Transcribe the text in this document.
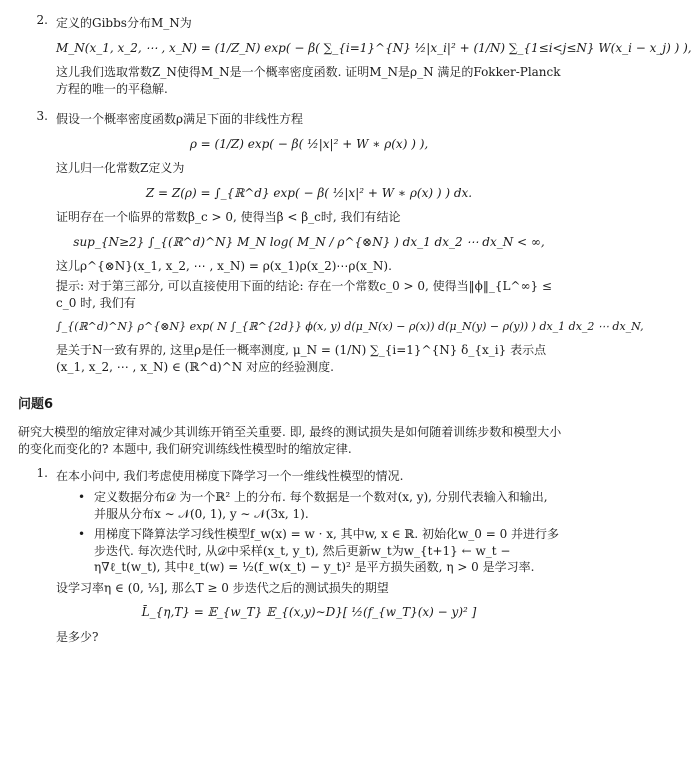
2. 定义的Gibbs分布M_N为
M_N(x_1, x_2, ⋯ , x_N) = (1/Z_N) exp( − β( ∑_{i=1}^{N} ½|x_i|² + (1/N) ∑_{1≤i<j≤N} W(x_i − x_j) ) ),
这儿我们选取常数Z_N使得M_N是一个概率密度函数. 证明M_N是ρ_N 满足的Fokker-Planck方程的唯一的平稳解.
3. 假设一个概率密度函数ρ满足下面的非线性方程
ρ = (1/Z) exp( − β( ½|x|² + W ∗ ρ(x) ) ),
这儿归一化常数Z定义为
Z = Z(ρ) = ∫_{ℝ^d} exp( − β( ½|x|² + W ∗ ρ(x) ) ) dx.
证明存在一个临界的常数β_c > 0, 使得当β < β_c时, 我们有结论
sup_{N≥2} ∫_{(ℝ^d)^N} M_N log( M_N / ρ^{⊗N} ) dx_1 dx_2 ⋯ dx_N < ∞,
这儿ρ^{⊗N}(x_1, x_2, ⋯ , x_N) = ρ(x_1)ρ(x_2)⋯ρ(x_N).
提示: 对于第三部分, 可以直接使用下面的结论: 存在一个常数c_0 > 0, 使得当‖ϕ‖_{L^∞} ≤ c_0 时, 我们有
∫_{(ℝ^d)^N} ρ^{⊗N} exp( N ∫_{ℝ^{2d}} ϕ(x, y) d(μ_N(x) − ρ(x)) d(μ_N(y) − ρ(y)) ) dx_1 dx_2 ⋯ dx_N,
是关于N一致有界的, 这里ρ是任一概率测度, μ_N = (1/N) ∑_{i=1}^{N} δ_{x_i} 表示点(x_1, x_2, ⋯ , x_N) ∈ (ℝ^d)^N 对应的经验测度.
问题6
研究大模型的缩放定律对减少其训练开销至关重要. 即, 最终的测试损失是如何随着训练步数和模型大小的变化而变化的? 本题中, 我们研究训练线性模型时的缩放定律.
1. 在本小问中, 我们考虑使用梯度下降学习一个一维线性模型的情况.
• 定义数据分布𝒟 为一个ℝ² 上的分布. 每个数据是一个数对(x, y), 分别代表输入和输出, 并服从分布x ∼ 𝒩(0, 1), y ∼ 𝒩(3x, 1).
• 用梯度下降算法学习线性模型f_w(x) = w · x, 其中w, x ∈ ℝ. 初始化w_0 = 0 并进行多步迭代. 每次迭代时, 从𝒟中采样(x_t, y_t), 然后更新w_t为w_{t+1} ← w_t − η∇ℓ_t(w_t), 其中ℓ_t(w) = ½(f_w(x_t) − y_t)² 是平方损失函数, η > 0 是学习率.
设学习率η ∈ (0, ⅓], 那么T ≥ 0 步迭代之后的测试损失的期望
L̄_{η,T} = 𝔼_{w_T} 𝔼_{(x,y)∼D}[ ½(f_{w_T}(x) − y)² ]
是多少?
